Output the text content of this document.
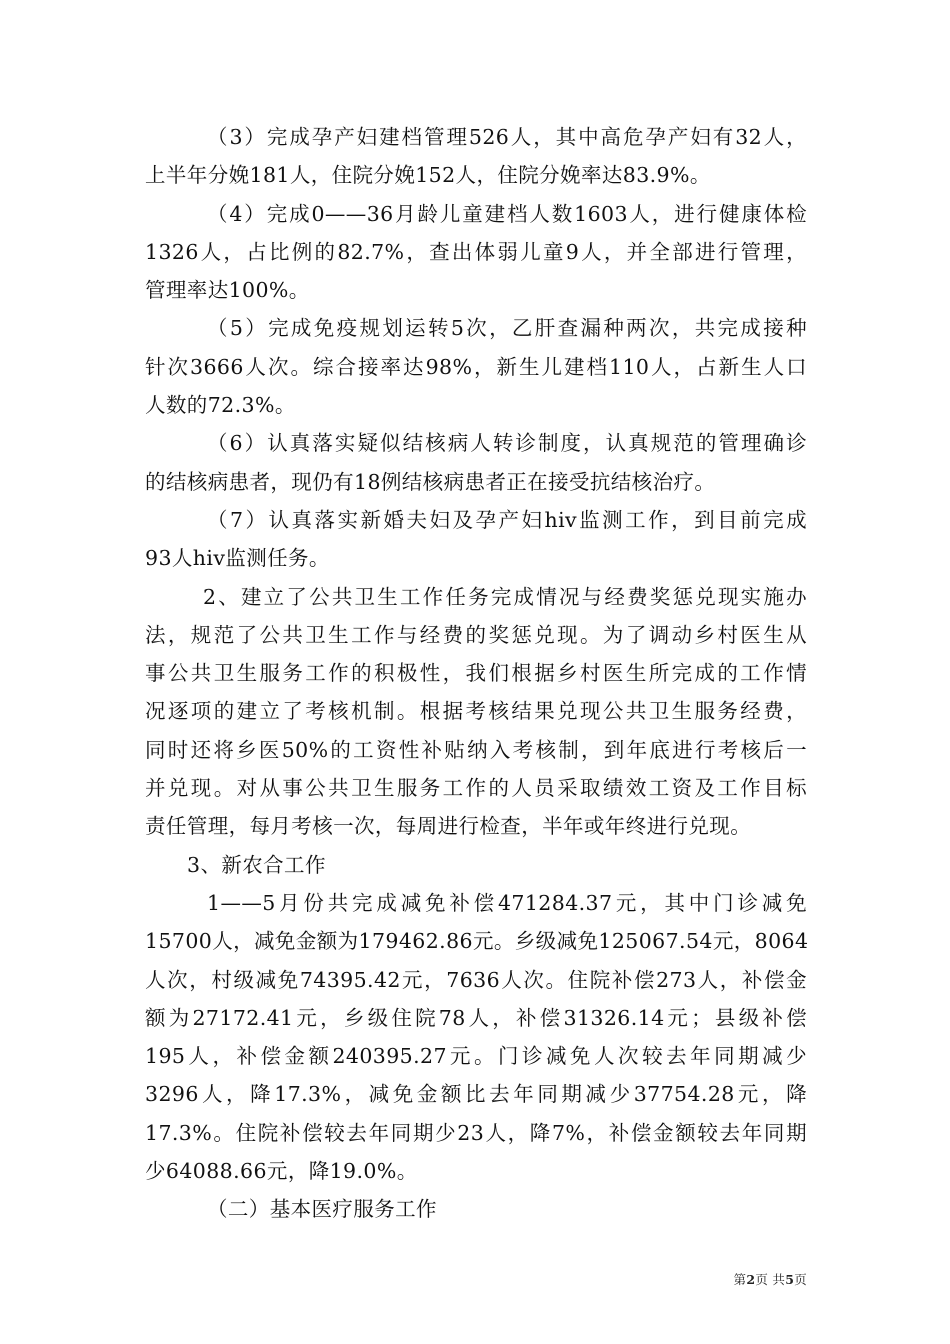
（3）完成孕产妇建档管理526人，其中高危孕产妇有32人，
上半年分娩181人，住院分娩152人，住院分娩率达83.9%。

（4）完成0——36月龄儿童建档人数1603人，进行健康体检
1326人，占比例的82.7%，查出体弱儿童9人，并全部进行管理，
管理率达100%。

（5）完成免疫规划运转5次，乙肝查漏种两次，共完成接种
针次3666人次。综合接率达98%，新生儿建档110人，占新生人口
人数的72.3%。

（6）认真落实疑似结核病人转诊制度，认真规范的管理确诊
的结核病患者，现仍有18例结核病患者正在接受抗结核治疗。

（7）认真落实新婚夫妇及孕产妇hiv监测工作，到目前完成
93人hiv监测任务。

2、建立了公共卫生工作任务完成情况与经费奖惩兑现实施办
法，规范了公共卫生工作与经费的奖惩兑现。为了调动乡村医生从
事公共卫生服务工作的积极性，我们根据乡村医生所完成的工作情
况逐项的建立了考核机制。根据考核结果兑现公共卫生服务经费，
同时还将乡医50%的工资性补贴纳入考核制，到年底进行考核后一
并兑现。对从事公共卫生服务工作的人员采取绩效工资及工作目标
责任管理，每月考核一次，每周进行检查，半年或年终进行兑现。

3、新农合工作

1——5月份共完成减免补偿471284.37元，其中门诊减免
15700人，减免金额为179462.86元。乡级减免125067.54元，8064
人次，村级减免74395.42元，7636人次。住院补偿273人，补偿金
额为27172.41元，乡级住院78人，补偿31326.14元；县级补偿
195人，补偿金额240395.27元。门诊减免人次较去年同期减少
3296人，降17.3%，减免金额比去年同期减少37754.28元，降
17.3%。住院补偿较去年同期少23人，降7%，补偿金额较去年同期
少64088.66元，降19.0%。

（二）基本医疗服务工作

第2页 共5页
